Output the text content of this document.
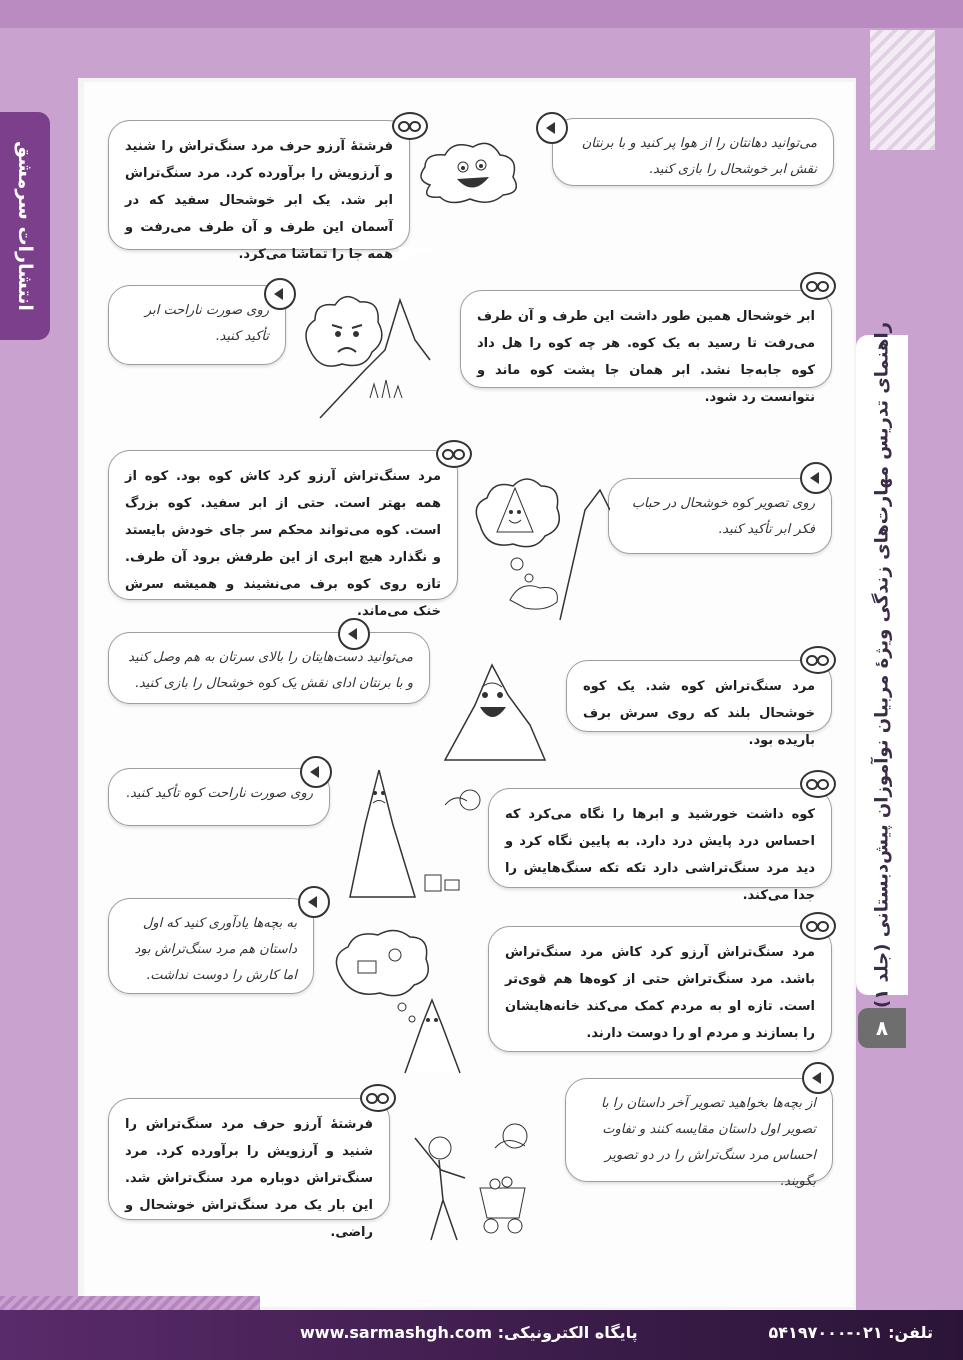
انتشارات سرمشق
راهنمای تدریس مهارت‌های زندگی ویژهٔ مربیان نوآموزان پیش‌دبستانی (جلد ۱)
۸

فرشتهٔ آرزو حرف مرد سنگ‌تراش را شنید و آرزویش را برآورده کرد. مرد سنگ‌تراش ابر شد. یک ابر خوشحال سفید که در آسمان این طرف و آن طرف می‌رفت و همه جا را تماشا می‌کرد.

می‌توانید دهانتان را از هوا پر کنید و با برنتان نقش ابر خوشحال را بازی کنید.

روی صورت ناراحت ابر تأکید کنید.

ابر خوشحال همین طور داشت این طرف و آن طرف می‌رفت تا رسید به یک کوه. هر چه کوه را هل داد کوه جابه‌جا نشد. ابر همان جا پشت کوه ماند و نتوانست رد شود.

مرد سنگ‌تراش آرزو کرد کاش کوه بود. کوه از همه بهتر است. حتی از ابر سفید. کوه بزرگ است. کوه می‌تواند محکم سر جای خودش بایستد و نگذارد هیچ ابری از این طرفش برود آن طرف. تازه روی کوه برف می‌نشیند و همیشه سرش خنک می‌ماند.

روی تصویر کوه خوشحال در حباب فکر ابر تأکید کنید.

می‌توانید دست‌هایتان را بالای سرتان به هم وصل کنید و با برنتان ادای نقش یک کوه خوشحال را بازی کنید.	مرد سنگ‌تراش کوه شد. یک کوه خوشحال بلند که روی سرش برف باریده بود.

روی صورت ناراحت کوه تأکید کنید.

کوه داشت خورشید و ابرها را نگاه می‌کرد که احساس درد پایش درد دارد. به پایین نگاه کرد و دید مرد سنگ‌تراشی دارد تکه تکه سنگ‌هایش را جدا می‌کند.

به بچه‌ها یادآوری کنید که اول داستان هم مرد سنگ‌تراش بود اما کارش را دوست نداشت.

مرد سنگ‌تراش آرزو کرد کاش مرد سنگ‌تراش باشد. مرد سنگ‌تراش حتی از کوه‌ها هم قوی‌تر است. تازه او به مردم کمک می‌کند خانه‌هایشان را بسازند و مردم او را دوست دارند.

فرشتهٔ آرزو حرف مرد سنگ‌تراش را شنید و آرزویش را برآورده کرد. مرد سنگ‌تراش دوباره مرد سنگ‌تراش شد. این بار یک مرد سنگ‌تراش خوشحال و راضی.

از بچه‌ها بخواهید تصویر آخر داستان را با تصویر اول داستان مقایسه کنند و تفاوت احساس مرد سنگ‌تراش را در دو تصویر بگویند.

پایگاه الکترونیکی: www.sarmashgh.com	تلفن: ۰۲۱-۵۴۱۹۷۰۰۰
